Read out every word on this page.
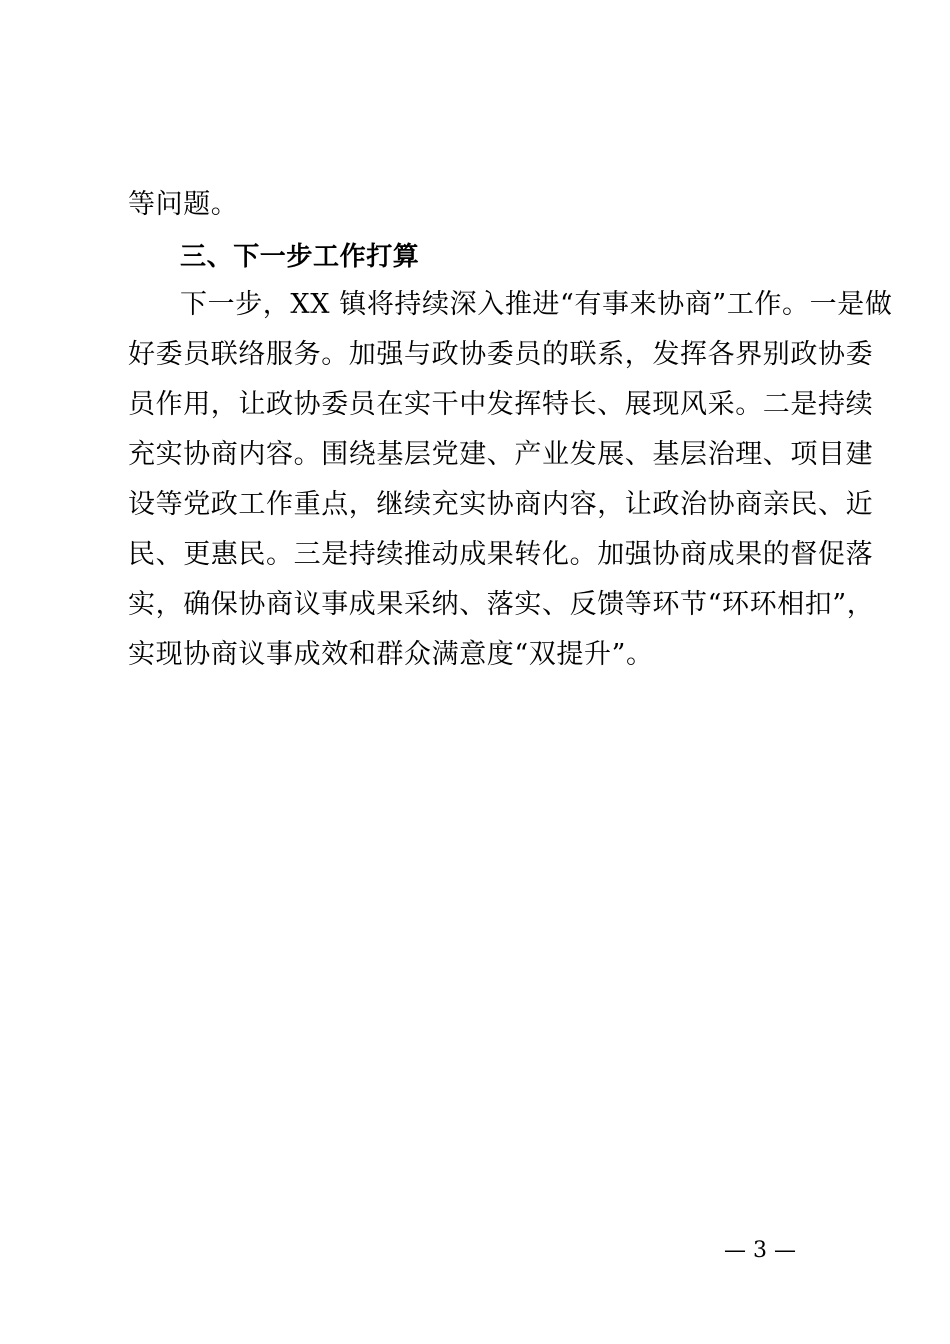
等问题。
三、下一步工作打算
下一步，XX 镇将持续深入推进“有事来协商”工作。一是做
好委员联络服务。加强与政协委员的联系，发挥各界别政协委
员作用，让政协委员在实干中发挥特长、展现风采。二是持续
充实协商内容。围绕基层党建、产业发展、基层治理、项目建
设等党政工作重点，继续充实协商内容，让政治协商亲民、近
民、更惠民。三是持续推动成果转化。加强协商成果的督促落
实，确保协商议事成果采纳、落实、反馈等环节“环环相扣”，
实现协商议事成效和群众满意度“双提升”。
— 3 —
